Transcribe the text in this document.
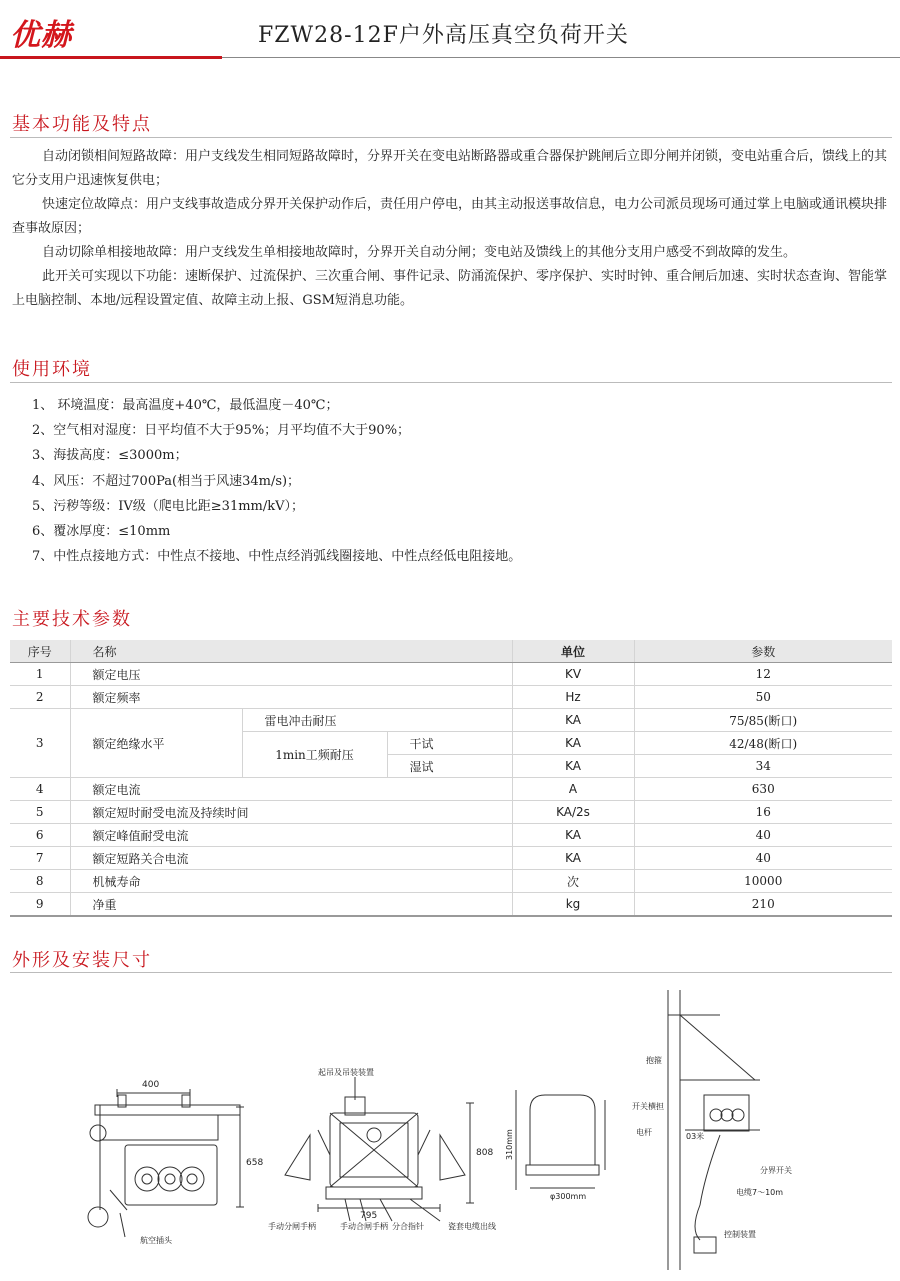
优赫	FZW28-12F户外高压真空负荷开关
基本功能及特点

自动闭锁相间短路故障：用户支线发生相同短路故障时，分界开关在变电站断路器或重合器保护跳闸后立即分闸并闭锁，变电站重合后，馈线上的其它分支用户迅速恢复供电；

快速定位故障点：用户支线事故造成分界开关保护动作后，责任用户停电，由其主动报送事故信息，电力公司派员现场可通过掌上电脑或通讯模块排查事故原因；

自动切除单相接地故障：用户支线发生单相接地故障时，分界开关自动分闸；变电站及馈线上的其他分支用户感受不到故障的发生。

此开关可实现以下功能：速断保护、过流保护、三次重合闸、事件记录、防涌流保护、零序保护、实时时钟、重合闸后加速、实时状态查询、智能掌上电脑控制、本地/远程设置定值、故障主动上报、GSM短消息功能。

使用环境
1、 环境温度：最高温度+40℃，最低温度－40℃；
2、空气相对湿度：日平均值不大于95%；月平均值不大于90%；
3、海拔高度：≤3000m；
4、风压：不超过700Pa(相当于风速34m/s)；
5、污秽等级：IV级（爬电比距≥31mm/kV）；
6、覆冰厚度：≤10mm
7、中性点接地方式：中性点不接地、中性点经消弧线圈接地、中性点经低电阻接地。
主要技术参数
序号	名称			单位	参数
1	额定电压			KV	12
2	额定频率			Hz	50
3	额定绝缘水平	雷电冲击耐压		KA	75/85(断口)
		1min工频耐压	干试	KA	42/48(断口)
			湿试	KA	34
4	额定电流			A	630
5	额定短时耐受电流及持续时间			KA/2s	16
6	额定峰值耐受电流			KA	40
7	额定短路关合电流			KA	40
8	机械寿命			次	10000
9	净重			kg	210
外形及安装尺寸
400
658
航空插头
起吊及吊装装置
808
795
手动分闸手柄	手动合闸手柄 分合指针	瓷套电缆出线
310mm
φ300mm
抱箍
开关横担
电杆	03米
分界开关
电缆7～10m
控制装置
